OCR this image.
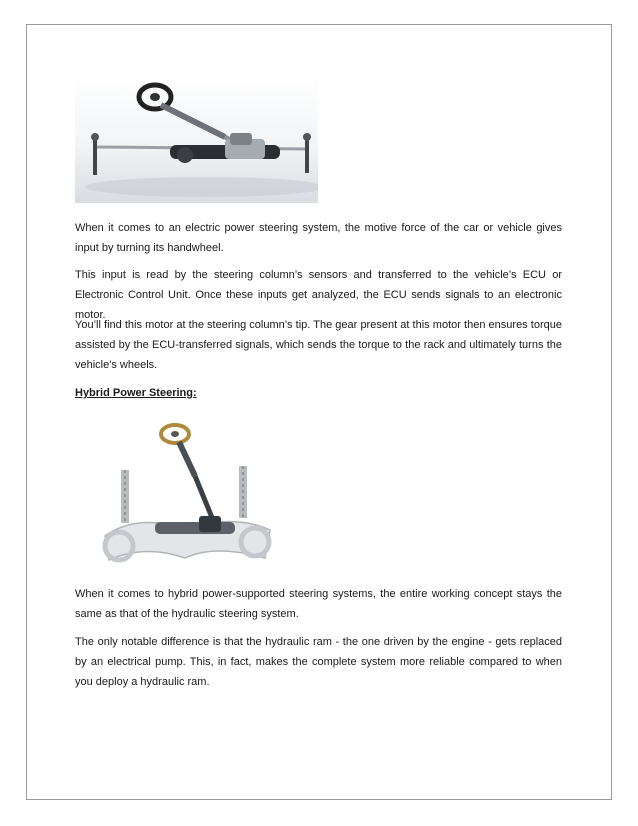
When it comes to an electric power steering system, the motive force of the car or vehicle gives input by turning its handwheel.

This input is read by the steering column’s sensors and transferred to the vehicle’s ECU or Electronic Control Unit. Once these inputs get analyzed, the ECU sends signals to an electronic motor.

You’ll find this motor at the steering column’s tip. The gear present at this motor then ensures torque assisted by the ECU-transferred signals, which sends the torque to the rack and ultimately turns the vehicle's wheels.

Hybrid Power Steering:

When it comes to hybrid power-supported steering systems, the entire working concept stays the same as that of the hydraulic steering system.

The only notable difference is that the hydraulic ram - the one driven by the engine - gets replaced by an electrical pump. This, in fact, makes the complete system more reliable compared to when you deploy a hydraulic ram.
